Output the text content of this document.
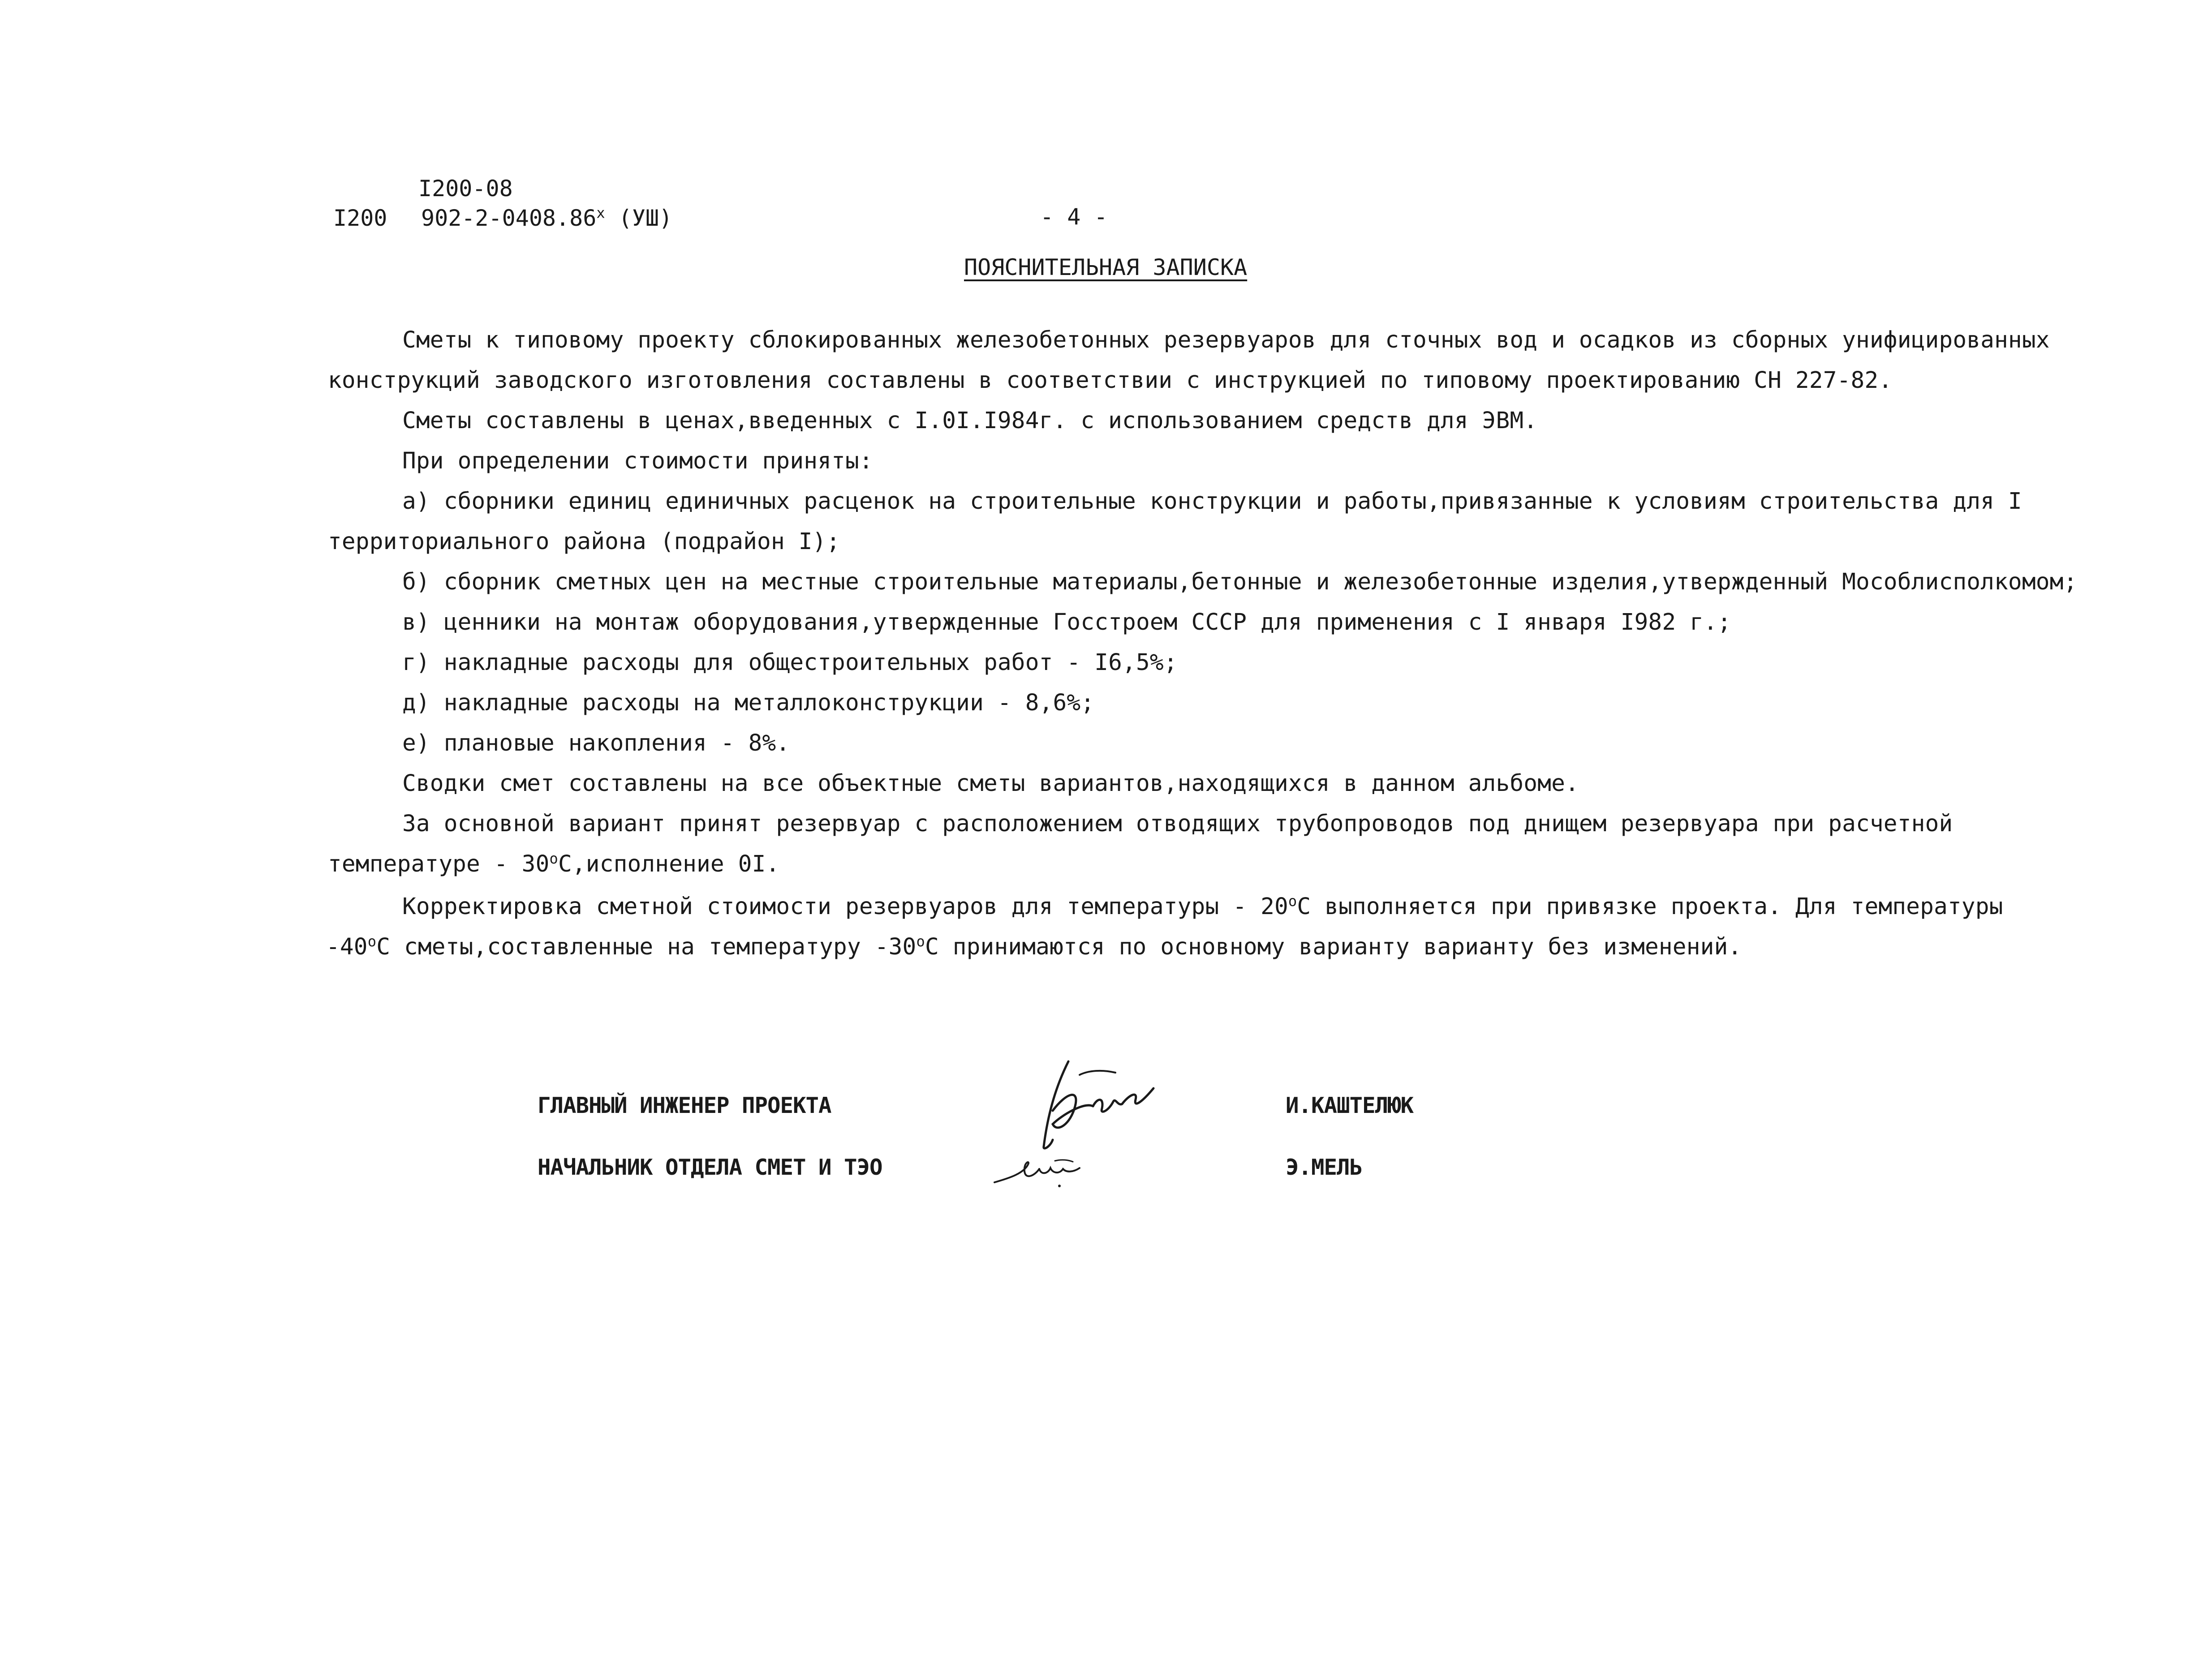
I200-08
I200 902-2-0408.86$^x$ (УШ)	- 4 -
ПОЯСНИТЕЛЬНАЯ ЗАПИСКА
Сметы к типовому проекту сблокированных железобетонных резервуаров для сточных вод и осадков из сборных унифицированных
конструкций заводского изготовления составлены в соответствии с инструкцией по типовому проектированию СН 227-82.
Сметы составлены в ценах,введенных с I.0I.I984г. с использованием средств для ЭВМ.
При определении стоимости приняты:
а) сборники единиц единичных расценок на строительные конструкции и работы,привязанные к условиям строительства для I
территориального района (подрайон I);
б) сборник сметных цен на местные строительные материалы,бетонные и железобетонные изделия,утвержденный Мособлисполкомом;
в) ценники на монтаж оборудования,утвержденные Госстроем СССР для применения с I января I982 г.;
г) накладные расходы для общестроительных работ - I6,5%;
д) накладные расходы на металлоконструкции - 8,6%;
е) плановые накопления - 8%.
Сводки смет составлены на все объектные сметы вариантов,находящихся в данном альбоме.
За основной вариант принят резервуар с расположением отводящих трубопроводов под днищем резервуара при расчетной
температуре - 30$^o$С,исполнение 0I.
Корректировка сметной стоимости резервуаров для температуры - 20$^o$С выполняется при привязке проекта. Для температуры
-40$^o$С сметы,составленные на температуру -30$^o$С принимаются по основному варианту варианту без изменений.
ГЛАВНЫЙ ИНЖЕНЕР ПРОЕКТА	И.КАШТЕЛЮК
НАЧАЛЬНИК ОТДЕЛА СМЕТ И ТЭО	Э.МЕЛЬ
